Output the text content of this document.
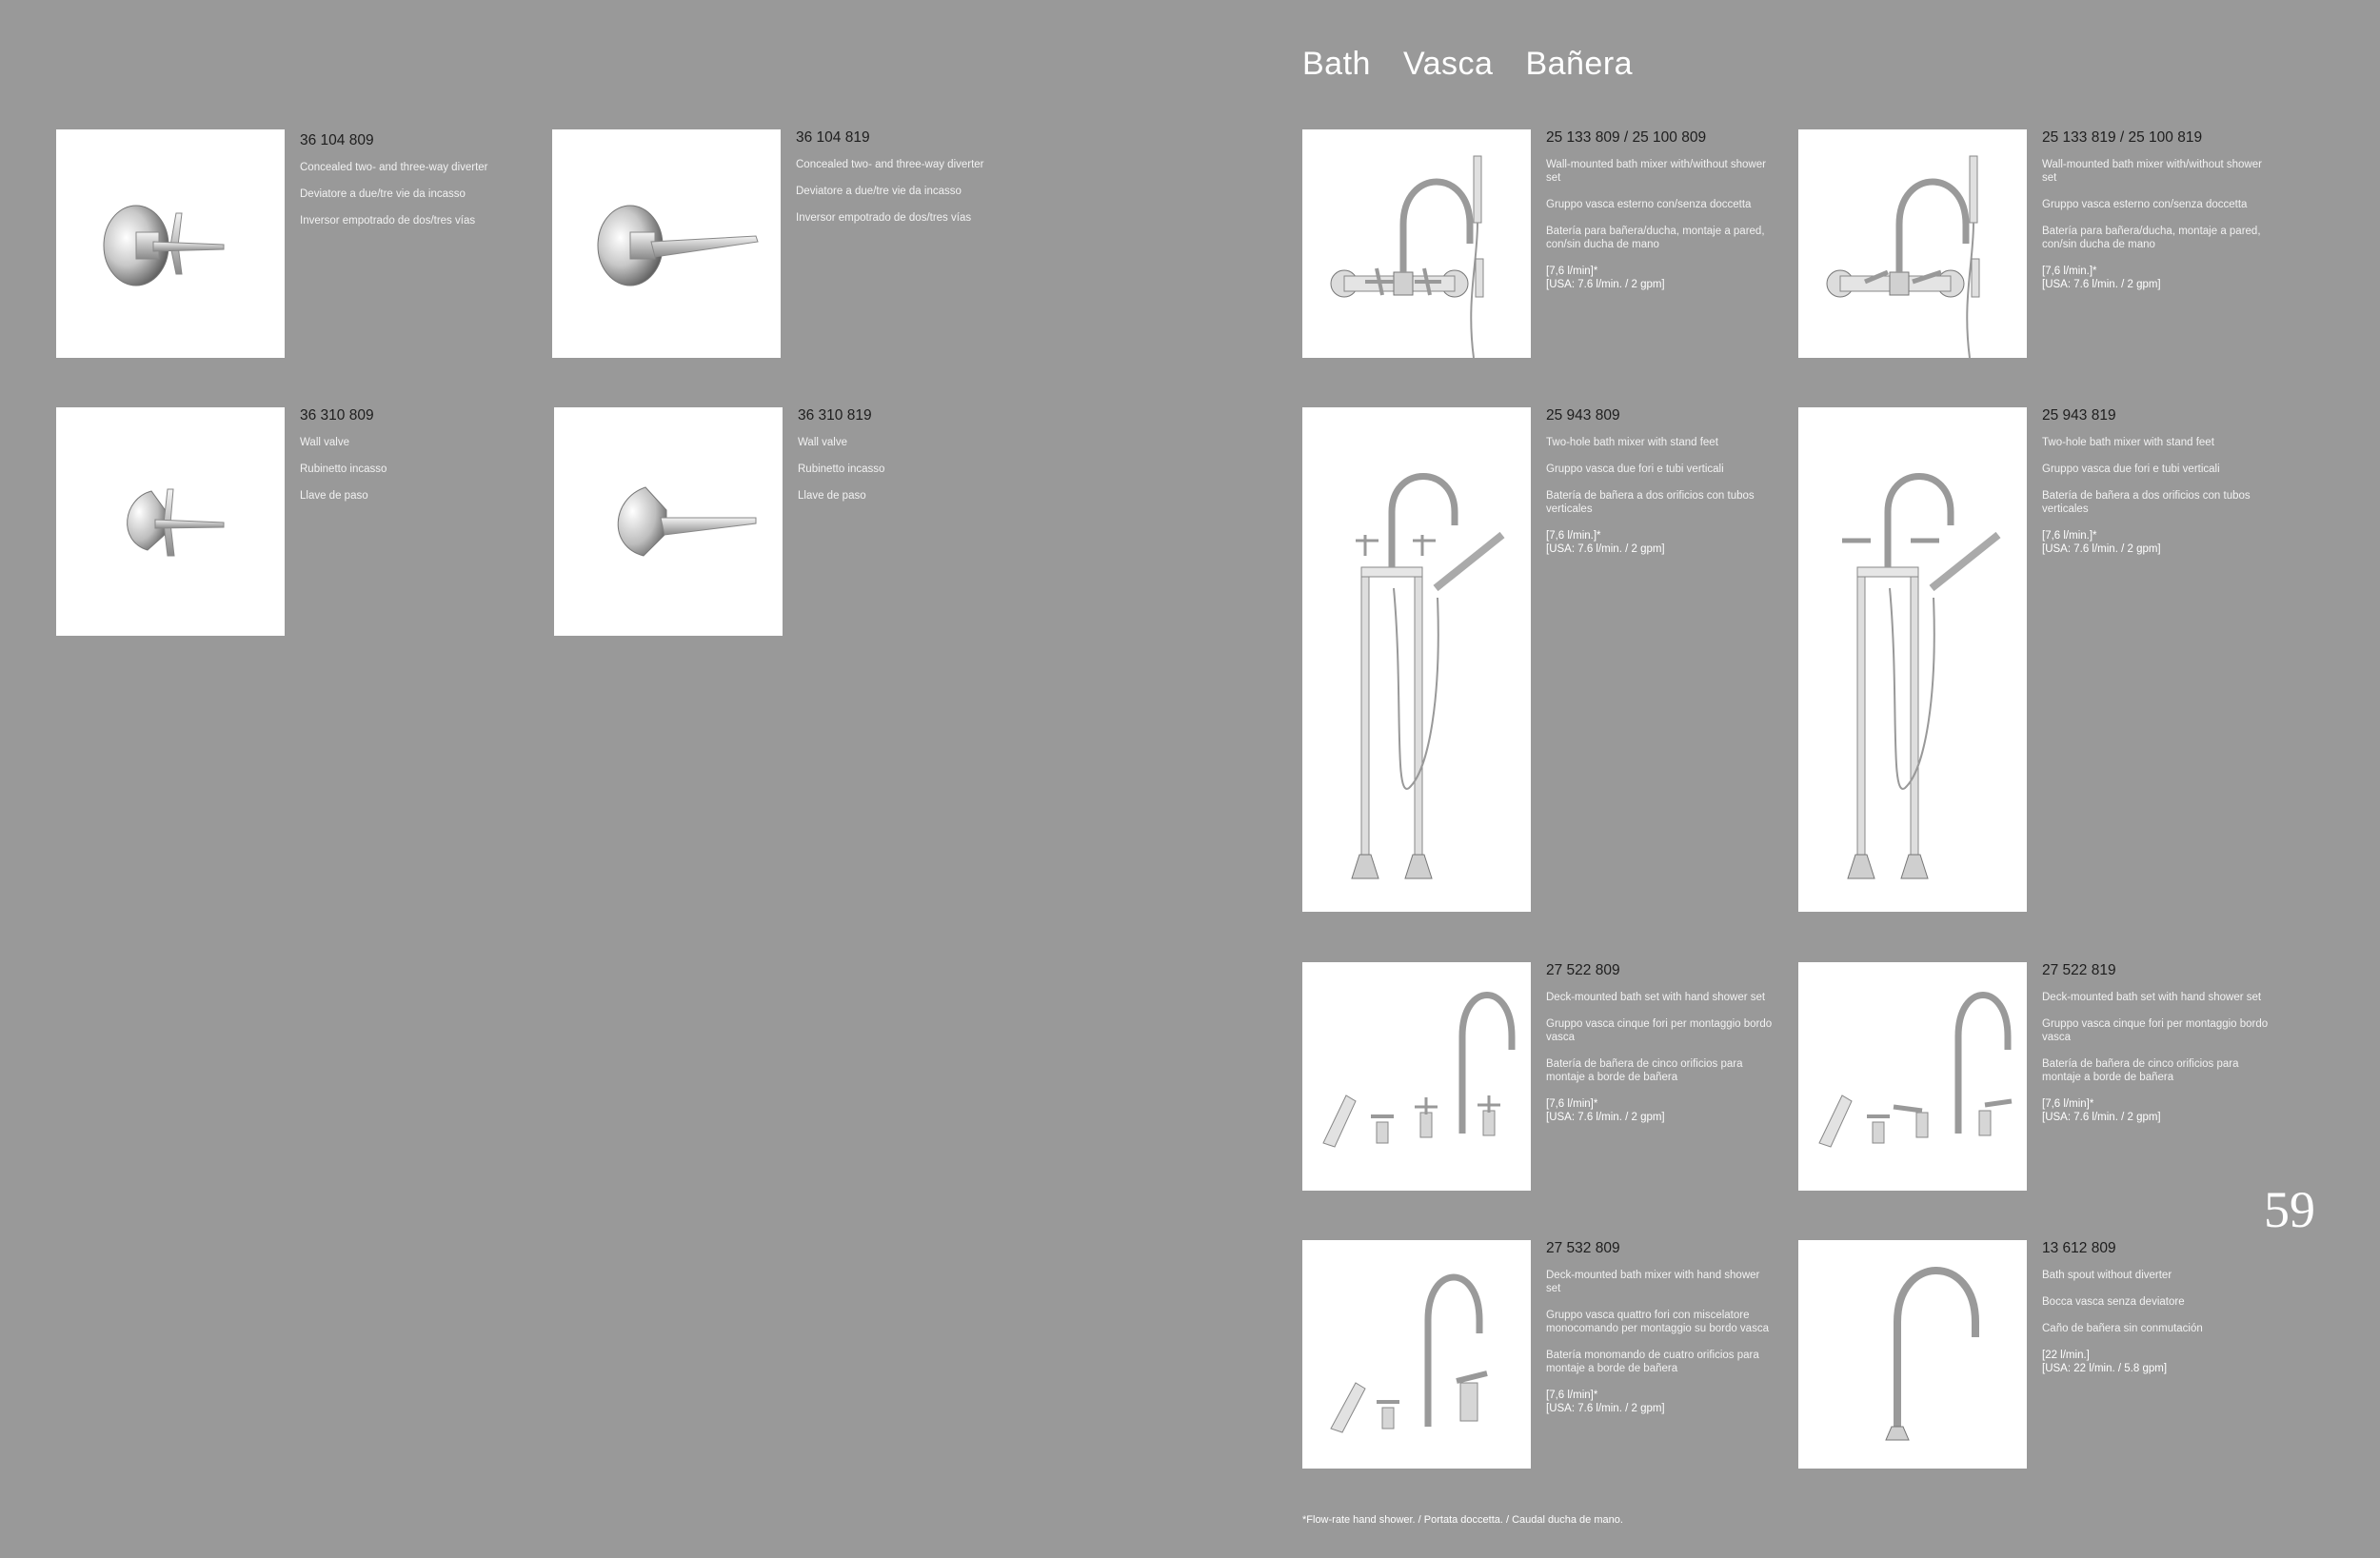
Bath Vasca Bañera

36 104 809

Concealed two- and three-way diverter

Deviatore a due/tre vie da incasso

Inversor empotrado de dos/tres vías

36 104 819

Concealed two- and three-way diverter

Deviatore a due/tre vie da incasso

Inversor empotrado de dos/tres vías

36 310 809

Wall valve

Rubinetto incasso

Llave de paso

36 310 819

Wall valve

Rubinetto incasso

Llave de paso

25 133 809 / 25 100 809

Wall-mounted bath mixer with/without shower set

Gruppo vasca esterno con/senza doccetta

Batería para bañera/ducha, montaje a pared, con/sin ducha de mano

[7,6 l/min]*
[USA: 7.6 l/min. / 2 gpm]

25 133 819 / 25 100 819

Wall-mounted bath mixer with/without shower set

Gruppo vasca esterno con/senza doccetta

Batería para bañera/ducha, montaje a pared, con/sin ducha de mano

[7,6 l/min.]*
[USA: 7.6 l/min. / 2 gpm]

25 943 809

Two-hole bath mixer with stand feet

Gruppo vasca due fori e tubi verticali

Batería de bañera a dos orificios con tubos verticales

[7,6 l/min.]*
[USA: 7.6 l/min. / 2 gpm]

25 943 819

Two-hole bath mixer with stand feet

Gruppo vasca due fori e tubi verticali

Batería de bañera a dos orificios con tubos verticales

[7,6 l/min.]*
[USA: 7.6 l/min. / 2 gpm]

27 522 809

Deck-mounted bath set with hand shower set

Gruppo vasca cinque fori per montaggio bordo vasca

Batería de bañera de cinco orificios para montaje a borde de bañera

[7,6 l/min]*
[USA: 7.6 l/min. / 2 gpm]

27 522 819

Deck-mounted bath set with hand shower set

Gruppo vasca cinque fori per montaggio bordo vasca

Batería de bañera de cinco orificios para montaje a borde de bañera

[7,6 l/min]*
[USA: 7.6 l/min. / 2 gpm]

27 532 809

Deck-mounted bath mixer with hand shower set

Gruppo vasca quattro fori con miscelatore monocomando per montaggio su bordo vasca

Batería monomando de cuatro orificios para montaje a borde de bañera

[7,6 l/min]*
[USA: 7.6 l/min. / 2 gpm]

13 612 809

Bath spout without diverter

Bocca vasca senza deviatore

Caño de bañera sin conmutación

[22 l/min.]
[USA: 22 l/min. / 5.8 gpm]

59

*Flow-rate hand shower. / Portata doccetta. / Caudal ducha de mano.
